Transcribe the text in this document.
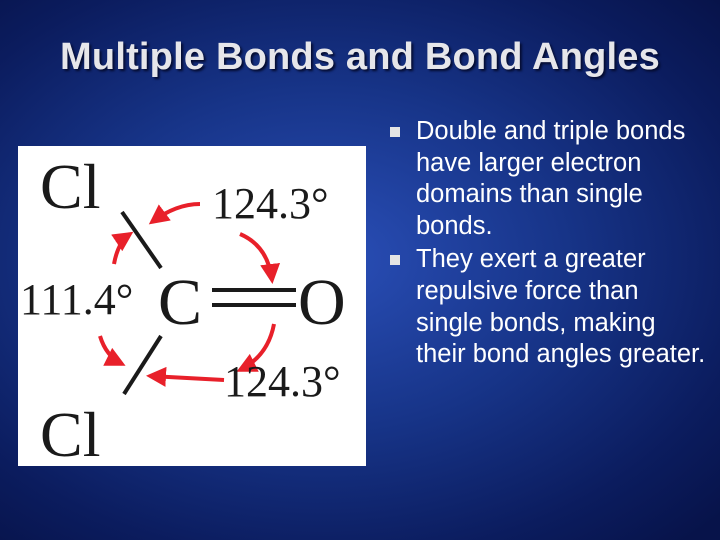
Multiple Bonds and Bond Angles
Cl
C O
Cl
124.3°
111.4°
124.3°
Double and triple bonds have larger electron domains than single bonds.
They exert a greater repulsive force than single bonds, making their bond angles greater.
